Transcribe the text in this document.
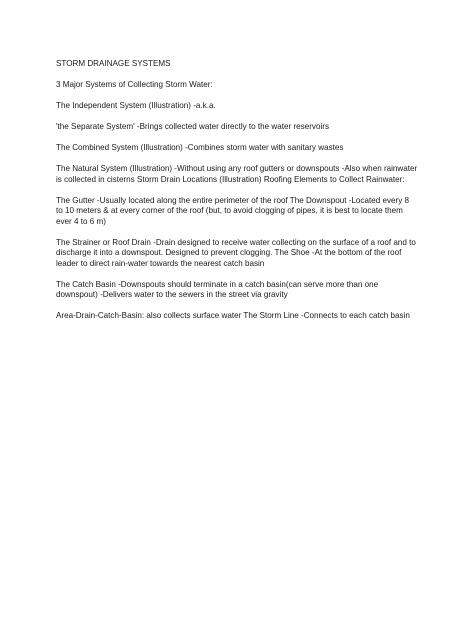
STORM DRAINAGE SYSTEMS

3 Major Systems of Collecting Storm Water:

The Independent System (Illustration) -a.k.a.

'the Separate System' -Brings collected water directly to the water reservoirs

The Combined System (Illustration) -Combines storm water with sanitary wastes

The Natural System (Illustration) -Without using any roof gutters or downspouts -Also when rainwater is collected in cisterns Storm Drain Locations (Illustration) Roofing Elements to Collect Rainwater:

The Gutter -Usually located along the entire perimeter of the roof The Downspout -Located every 8 to 10 meters & at every corner of the roof (but, to avoid clogging of pipes, it is best to locate them ever 4 to 6 m)

The Strainer or Roof Drain -Drain designed to receive water collecting on the surface of a roof and to discharge it into a downspout. Designed to prevent clogging. The Shoe -At the bottom of the roof leader to direct rain-water towards the nearest catch basin

The Catch Basin -Downspouts should terminate in a catch basin(can serve more than one downspout) -Delivers water to the sewers in the street via gravity

Area-Drain-Catch-Basin: also collects surface water The Storm Line -Connects to each catch basin
